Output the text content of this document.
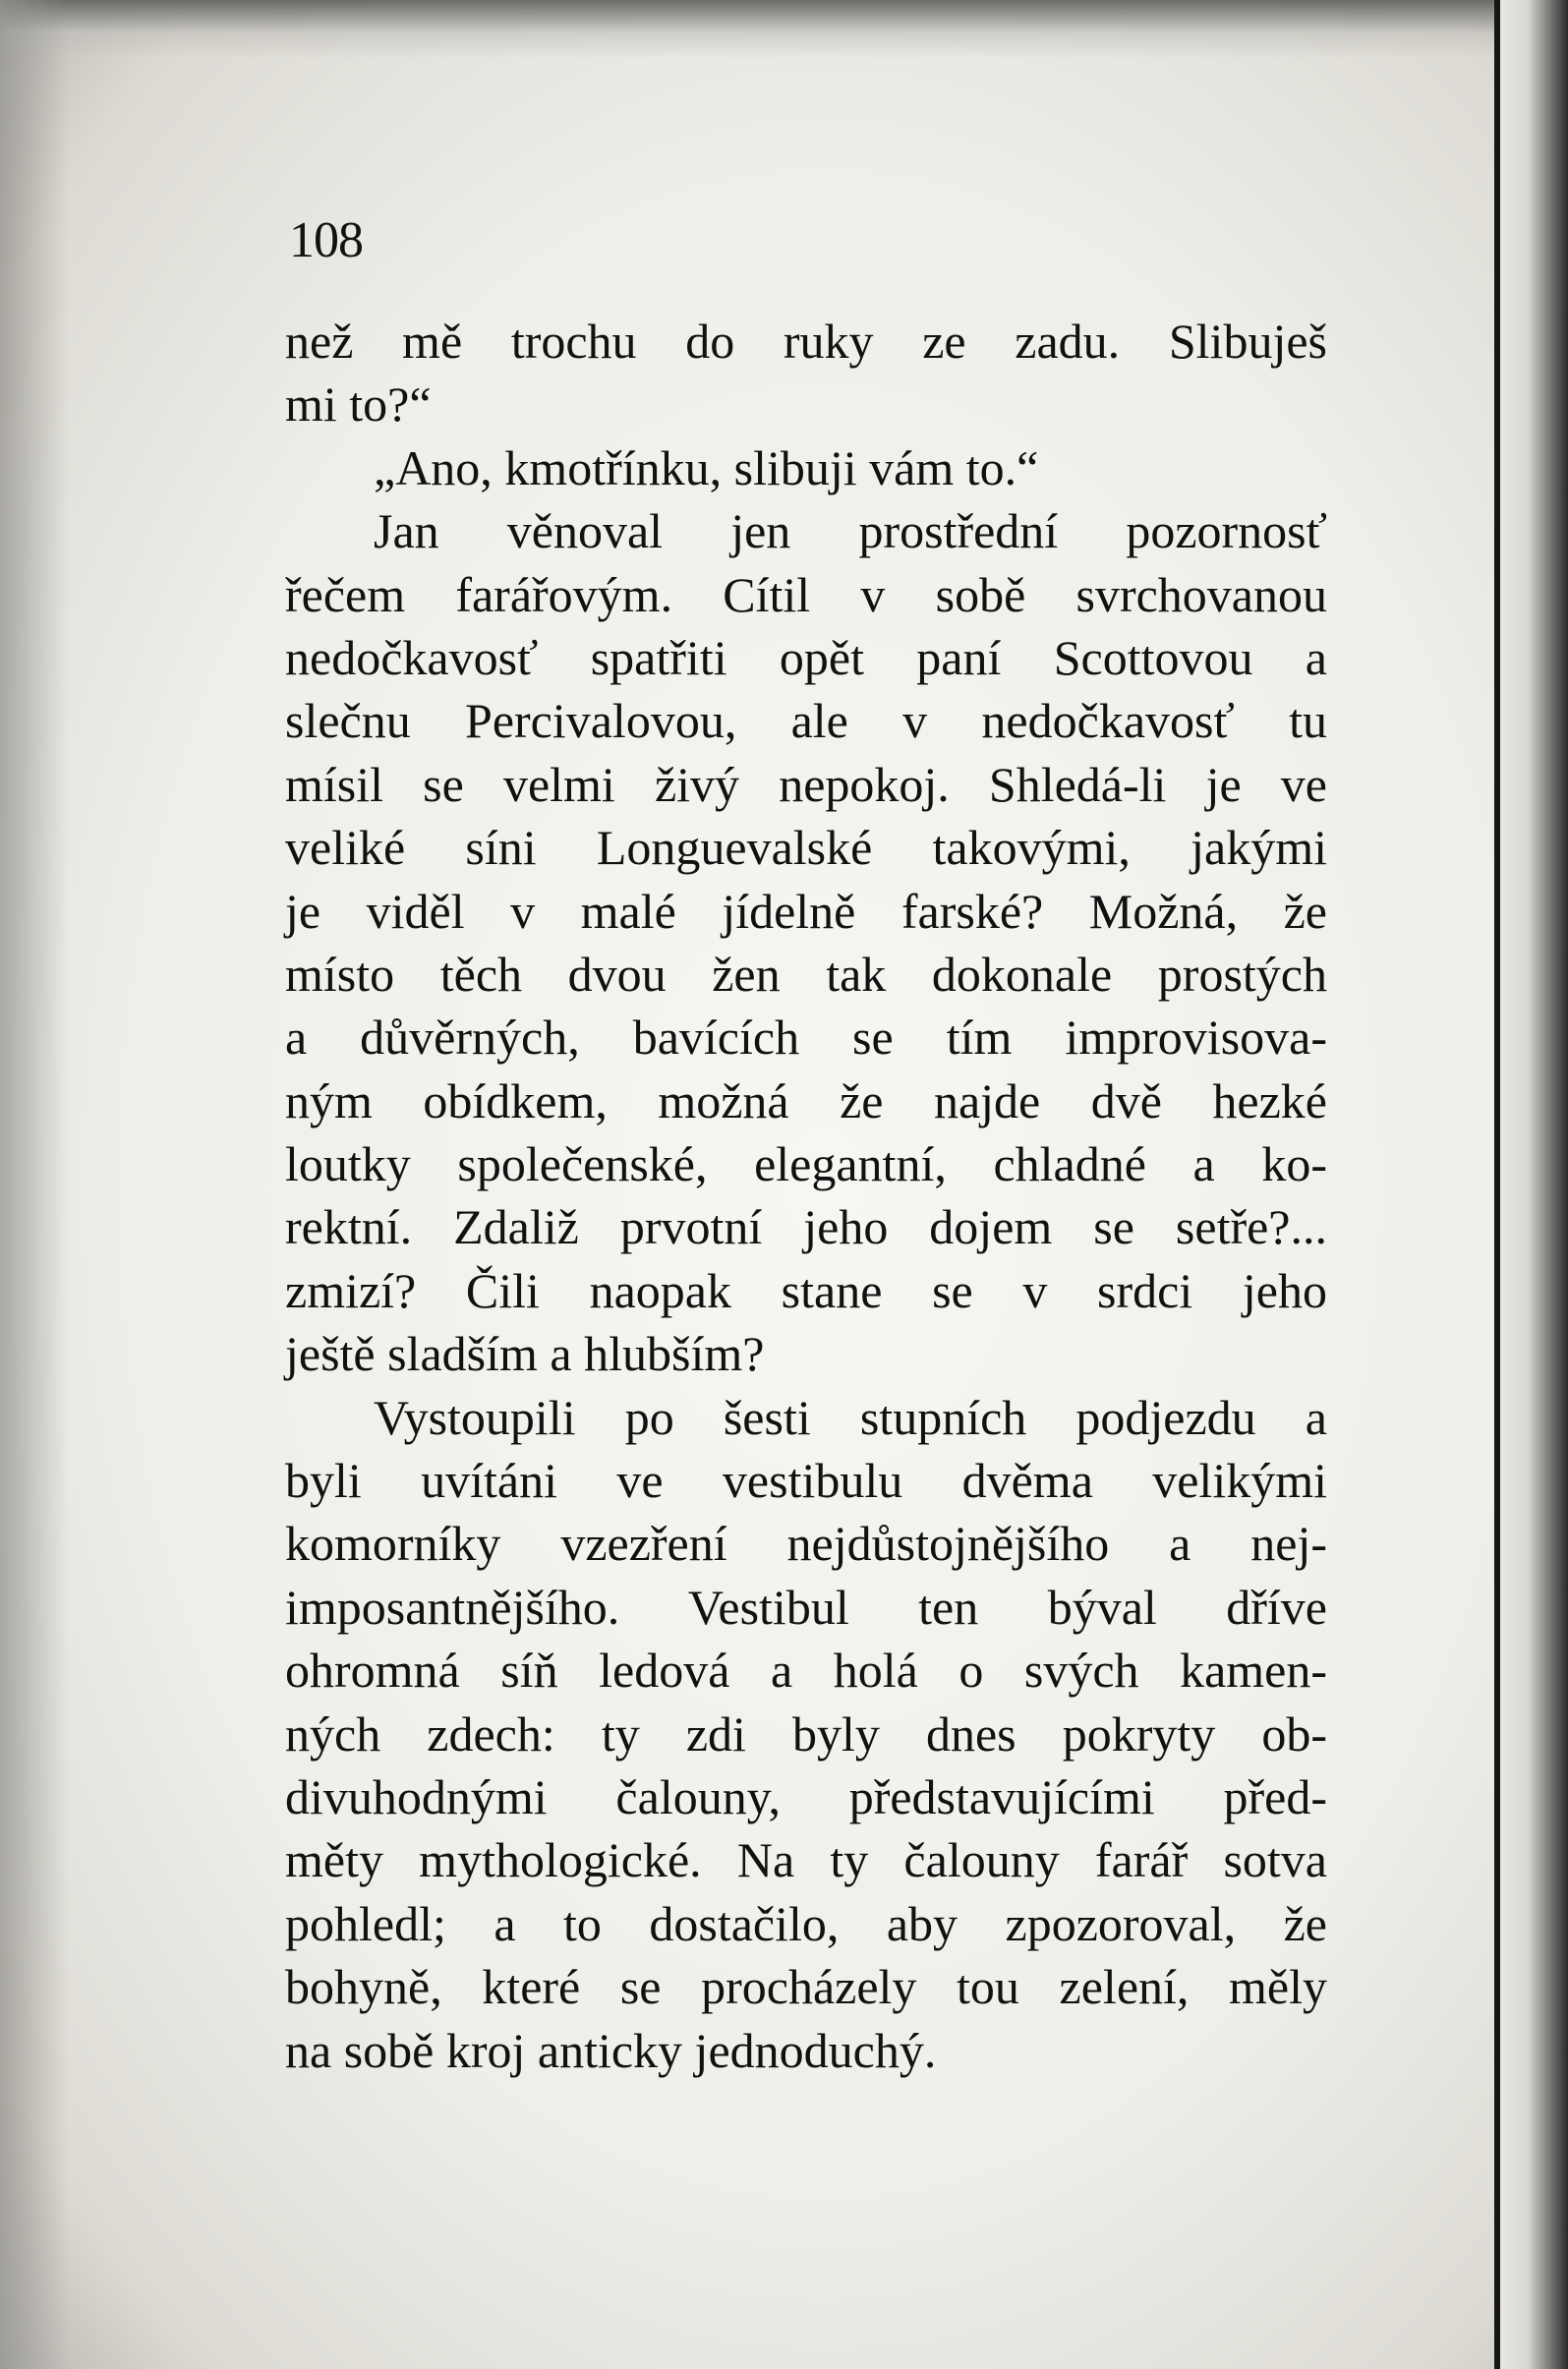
108
než mě trochu do ruky ze zadu. Slibuješ
mi to?“
„Ano, kmotřínku, slibuji vám to.“
Jan věnoval jen prostřední pozornosť
řečem farářovým. Cítil v sobě svrchovanou
nedočkavosť spatřiti opět paní Scottovou a
slečnu Percivalovou, ale v nedočkavosť tu
mísil se velmi živý nepokoj. Shledá-li je ve
veliké síni Longuevalské takovými, jakými
je viděl v malé jídelně farské? Možná, že
místo těch dvou žen tak dokonale prostých
a důvěrných, bavících se tím improvisova-
ným obídkem, možná že najde dvě hezké
loutky společenské, elegantní, chladné a ko-
rektní. Zdaliž prvotní jeho dojem se setře?...
zmizí? Čili naopak stane se v srdci jeho
ještě sladším a hlubším?
Vystoupili po šesti stupních podjezdu a
byli uvítáni ve vestibulu dvěma velikými
komorníky vzezření nejdůstojnějšího a nej-
imposantnějšího. Vestibul ten býval dříve
ohromná síň ledová a holá o svých kamen-
ných zdech: ty zdi byly dnes pokryty ob-
divuhodnými čalouny, představujícími před-
měty mythologické. Na ty čalouny farář sotva
pohledl; a to dostačilo, aby zpozoroval, že
bohyně, které se procházely tou zelení, měly
na sobě kroj anticky jednoduchý.
